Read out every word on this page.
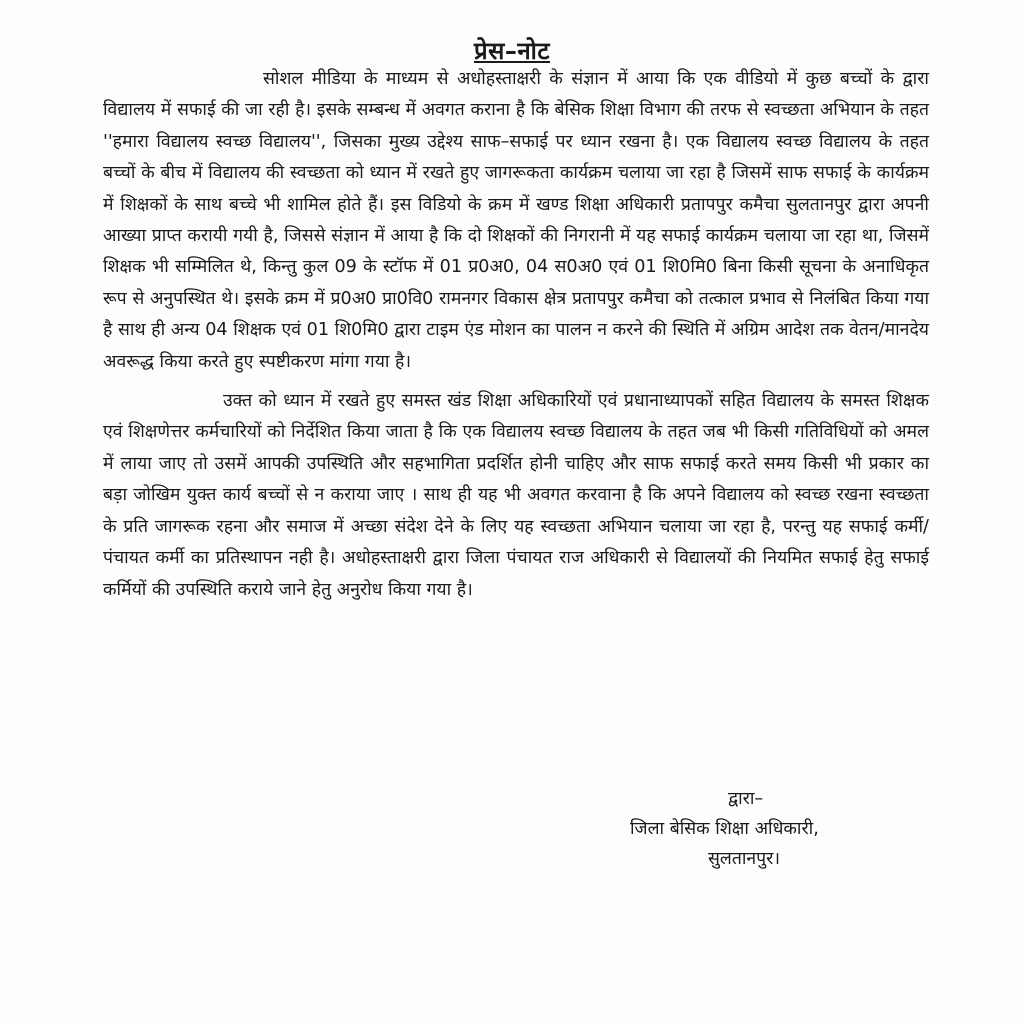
प्रेस–नोट

सोशल मीडिया के माध्यम से अधोहस्ताक्षरी के संज्ञान में आया कि एक वीडियो में कुछ बच्चों के द्वारा विद्यालय में सफाई की जा रही है। इसके सम्बन्ध में अवगत कराना है कि बेसिक शिक्षा विभाग की तरफ से स्वच्छता अभियान के तहत ''हमारा विद्यालय स्वच्छ विद्यालय'', जिसका मुख्य उद्देश्य साफ–सफाई पर ध्यान रखना है। एक विद्यालय स्वच्छ विद्यालय के तहत बच्चों के बीच में विद्यालय की स्वच्छता को ध्यान में रखते हुए जागरूकता कार्यक्रम चलाया जा रहा है जिसमें साफ सफाई के कार्यक्रम में शिक्षकों के साथ बच्चे भी शामिल होते हैं। इस विडियो के क्रम में खण्ड शिक्षा अधिकारी प्रतापपुर कमैचा सुलतानपुर द्वारा अपनी आख्या प्राप्त करायी गयी है, जिससे संज्ञान में आया है कि दो शिक्षकों की निगरानी में यह सफाई कार्यक्रम चलाया जा रहा था, जिसमें शिक्षक भी सम्मिलित थे, किन्तु कुल 09 के स्टॉफ में 01 प्र0अ0, 04 स0अ0 एवं 01 शि0मि0 बिना किसी सूचना के अनाधिकृत रूप से अनुपस्थित थे। इसके क्रम में प्र0अ0 प्रा0वि0 रामनगर विकास क्षेत्र प्रतापपुर कमैचा को तत्काल प्रभाव से निलंबित किया गया है साथ ही अन्य 04 शिक्षक एवं 01 शि0मि0 द्वारा टाइम एंड मोशन का पालन न करने की स्थिति में अग्रिम आदेश तक वेतन/मानदेय अवरूद्ध किया करते हुए स्पष्टीकरण मांगा गया है।

उक्त को ध्यान में रखते हुए समस्त खंड शिक्षा अधिकारियों एवं प्रधानाध्यापकों सहित विद्यालय के समस्त शिक्षक एवं शिक्षणेत्तर कर्मचारियों को निर्देशित किया जाता है कि एक विद्यालय स्वच्छ विद्यालय के तहत जब भी किसी गतिविधियों को अमल में लाया जाए तो उसमें आपकी उपस्थिति और सहभागिता प्रदर्शित होनी चाहिए और साफ सफाई करते समय किसी भी प्रकार का बड़ा जोखिम युक्त कार्य बच्चों से न कराया जाए । साथ ही यह भी अवगत करवाना है कि अपने विद्यालय को स्वच्छ रखना स्वच्छता के प्रति जागरूक रहना और समाज में अच्छा संदेश देने के लिए यह स्वच्छता अभियान चलाया जा रहा है, परन्तु यह सफाई कर्मी/पंचायत कर्मी का प्रतिस्थापन नही है। अधोहस्ताक्षरी द्वारा जिला पंचायत राज अधिकारी से विद्यालयों की नियमित सफाई हेतु सफाई कर्मियों की उपस्थिति कराये जाने हेतु अनुरोध किया गया है।

द्वारा–
जिला बेसिक शिक्षा अधिकारी,
सुलतानपुर।
